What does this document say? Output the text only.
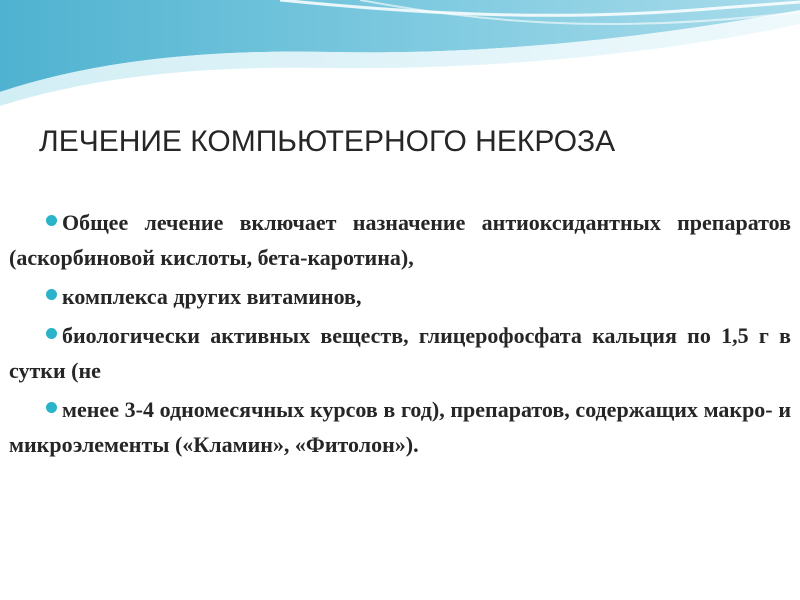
ЛЕЧЕНИЕ КОМПЬЮТЕРНОГО НЕКРОЗА
Общее лечение включает назначение антиоксидантных препаратов (аскорбиновой кислоты, бета-каротина),
комплекса других витаминов,
биологически активных веществ, глицерофосфата кальция по 1,5 г в сутки (не
менее 3-4 одномесячных курсов в год), препаратов, содержащих макро- и микроэлементы («Кламин», «Фитолон»).
